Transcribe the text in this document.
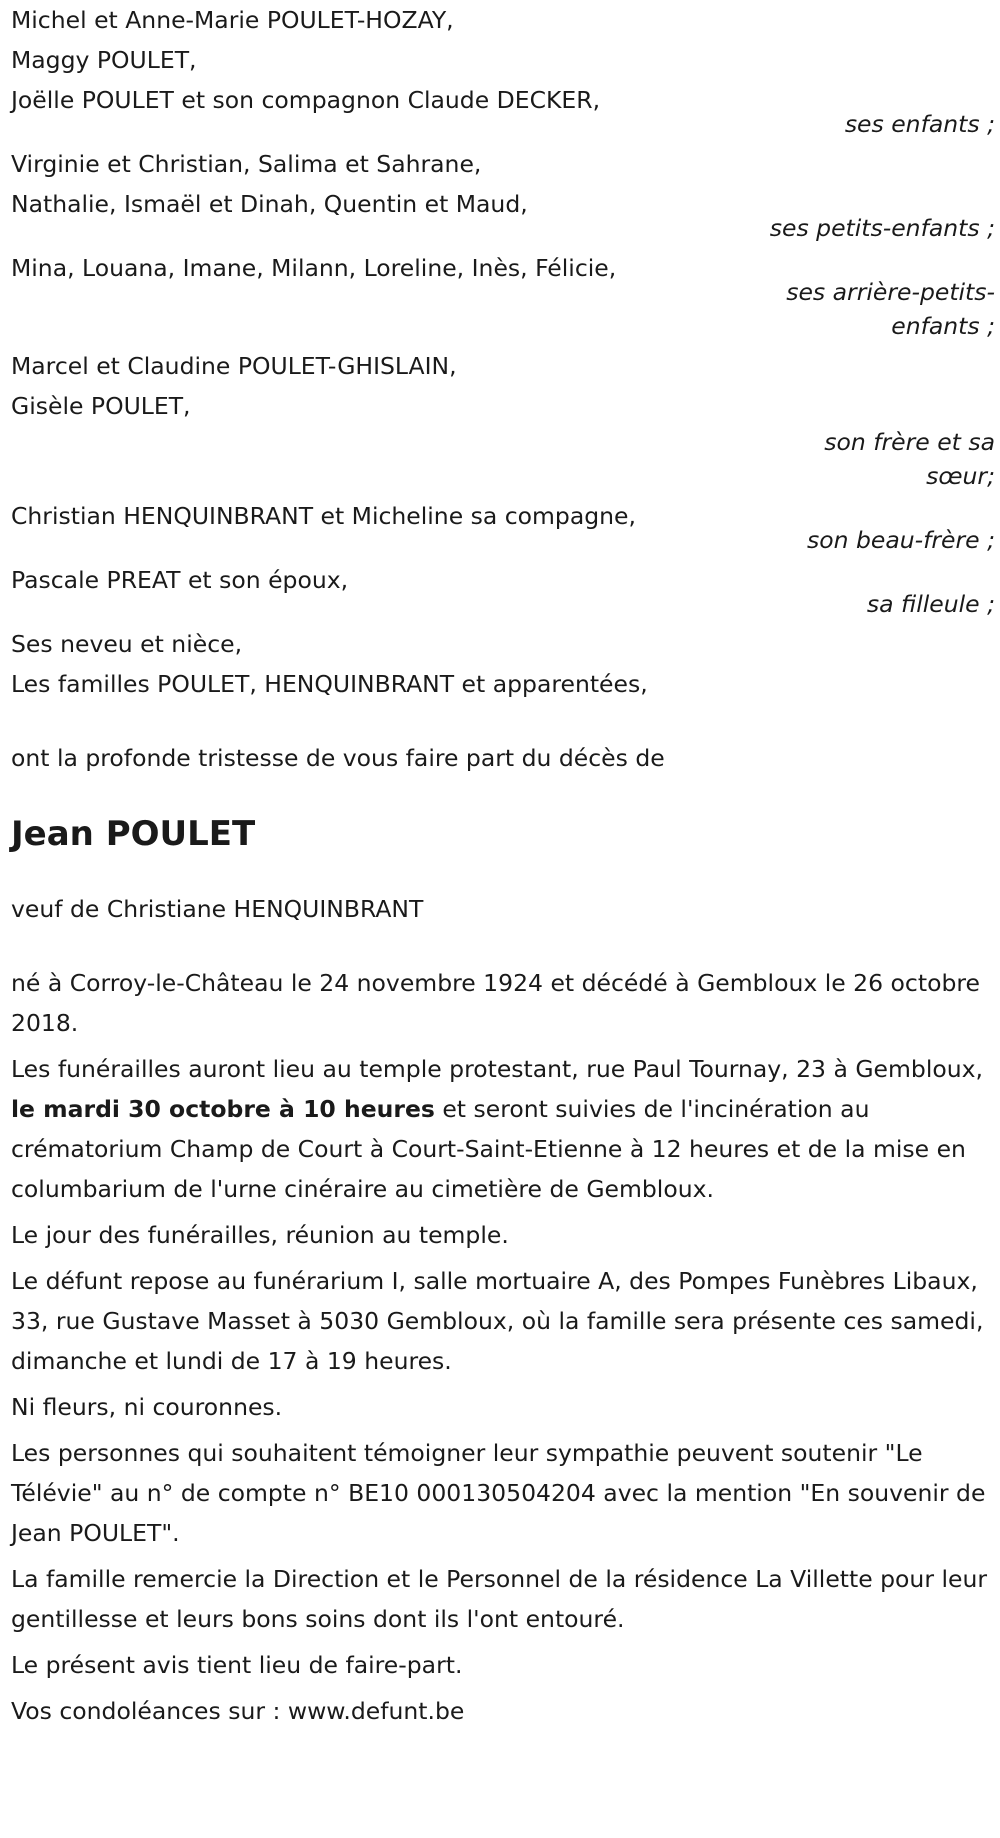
Michel et Anne-Marie POULET-HOZAY,
Maggy POULET,
Joëlle POULET et son compagnon Claude DECKER,
ses enfants ;
Virginie et Christian, Salima et Sahrane,
Nathalie, Ismaël et Dinah, Quentin et Maud,
ses petits-enfants ;
Mina, Louana, Imane, Milann, Loreline, Inès, Félicie,
ses arrière-petits-
enfants ;
Marcel et Claudine POULET-GHISLAIN,
Gisèle POULET,
son frère et sa
sœur;
Christian HENQUINBRANT et Micheline sa compagne,
son beau-frère ;
Pascale PREAT et son époux,
sa filleule ;
Ses neveu et nièce,
Les familles POULET, HENQUINBRANT et apparentées,
ont la profonde tristesse de vous faire part du décès de
Jean POULET
veuf de Christiane HENQUINBRANT

né à Corroy-le-Château le 24 novembre 1924 et décédé à Gembloux le 26 octobre 2018.

Les funérailles auront lieu au temple protestant, rue Paul Tournay, 23 à Gembloux, le mardi 30 octobre à 10 heures et seront suivies de l'incinération au crématorium Champ de Court à Court-Saint-Etienne à 12 heures et de la mise en columbarium de l'urne cinéraire au cimetière de Gembloux.

Le jour des funérailles, réunion au temple.

Le défunt repose au funérarium I, salle mortuaire A, des Pompes Funèbres Libaux, 33, rue Gustave Masset à 5030 Gembloux, où la famille sera présente ces samedi, dimanche et lundi de 17 à 19 heures.

Ni fleurs, ni couronnes.

Les personnes qui souhaitent témoigner leur sympathie peuvent soutenir "Le Télévie" au n° de compte n° BE10 000130504204 avec la mention "En souvenir de Jean POULET".

La famille remercie la Direction et le Personnel de la résidence La Villette pour leur gentillesse et leurs bons soins dont ils l'ont entouré.

Le présent avis tient lieu de faire-part.

Vos condoléances sur : www.defunt.be
